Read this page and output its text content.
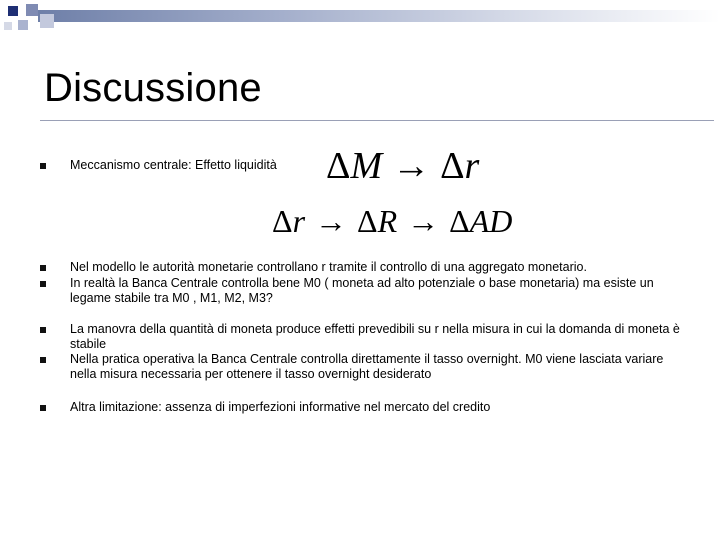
Discussione
Meccanismo centrale: Effetto liquidità	ΔM → Δr
Δr → ΔR → ΔAD
Nel modello le autorità monetarie controllano r tramite il controllo di una aggregato monetario.
In realtà la Banca Centrale controlla bene M0 ( moneta ad alto potenziale o base monetaria) ma esiste un legame stabile tra M0 , M1, M2, M3?
La manovra della quantità di moneta produce effetti prevedibili su r nella misura in cui la domanda di moneta è stabile
Nella pratica operativa la Banca Centrale controlla direttamente il tasso overnight. M0 viene lasciata variare nella misura necessaria per ottenere il tasso overnight desiderato
Altra limitazione: assenza di imperfezioni informative nel mercato del credito
